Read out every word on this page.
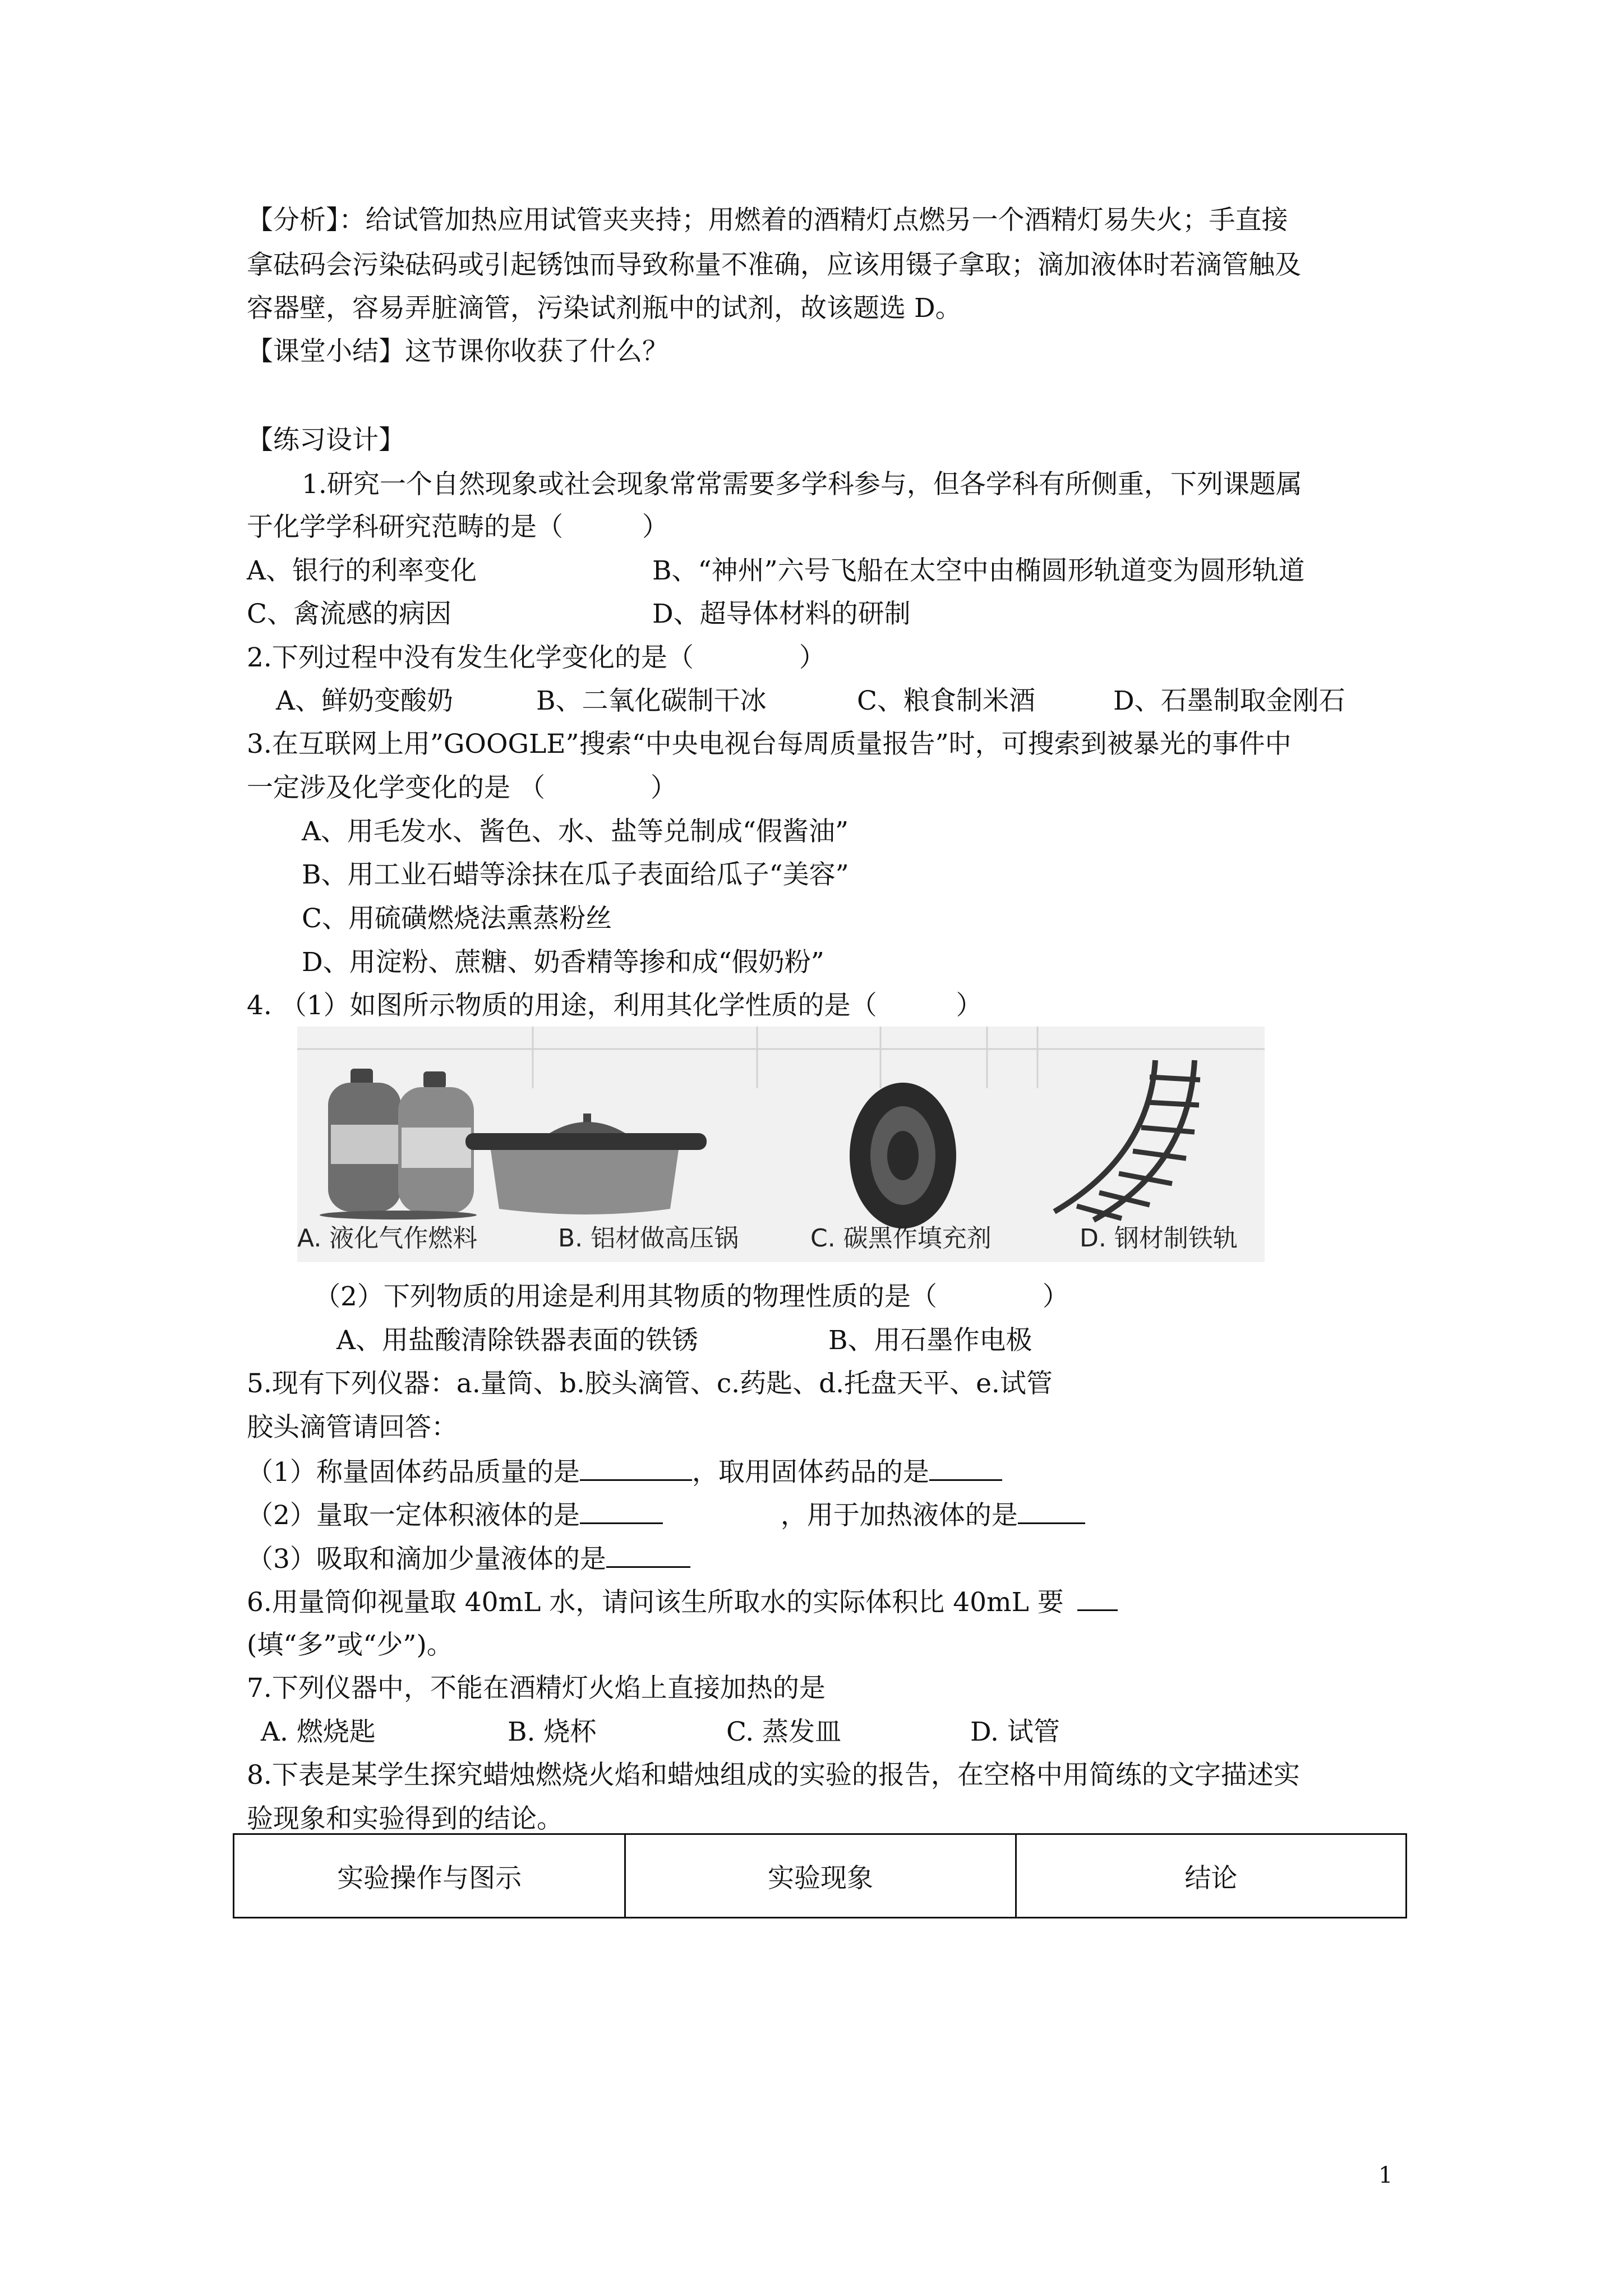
【分析】：给试管加热应用试管夹夹持；用燃着的酒精灯点燃另一个酒精灯易失火；手直接
拿砝码会污染砝码或引起锈蚀而导致称量不准确，应该用镊子拿取；滴加液体时若滴管触及
容器壁，容易弄脏滴管，污染试剂瓶中的试剂，故该题选 D。
【课堂小结】这节课你收获了什么？
【练习设计】
1.研究一个自然现象或社会现象常常需要多学科参与，但各学科有所侧重，下列课题属
于化学学科研究范畴的是（　　　）
A、银行的利率变化	B、“神州”六号飞船在太空中由椭圆形轨道变为圆形轨道
C、禽流感的病因	D、超导体材料的研制
2.下列过程中没有发生化学变化的是（　　　　）
A、鲜奶变酸奶	B、二氧化碳制干冰	C、粮食制米酒	D、石墨制取金刚石
3.在互联网上用”GOOGLE”搜索“中央电视台每周质量报告”时，可搜索到被暴光的事件中
一定涉及化学变化的是 （　　　　）
A、用毛发水、酱色、水、盐等兑制成“假酱油”
B、用工业石蜡等涂抹在瓜子表面给瓜子“美容”
C、用硫磺燃烧法熏蒸粉丝
D、用淀粉、蔗糖、奶香精等掺和成“假奶粉”
4. （1）如图所示物质的用途，利用其化学性质的是（　　　）
A. 液化气作燃料	B. 铝材做高压锅	C. 碳黑作填充剂	D. 钢材制铁轨
（2）下列物质的用途是利用其物质的物理性质的是（　　　　）
A、用盐酸清除铁器表面的铁锈	B、用石墨作电极
5.现有下列仪器：a.量筒、b.胶头滴管、c.药匙、d.托盘天平、e.试管
胶头滴管请回答：
（1）称量固体药品质量的是	，取用固体药品的是
（2）量取一定体积液体的是	，用于加热液体的是
（3）吸取和滴加少量液体的是
6.用量筒仰视量取 40mL 水，请问该生所取水的实际体积比 40mL 要
(填“多”或“少”)。
7.下列仪器中，不能在酒精灯火焰上直接加热的是
A. 燃烧匙	B. 烧杯	C. 蒸发皿	D. 试管
8.下表是某学生探究蜡烛燃烧火焰和蜡烛组成的实验的报告，在空格中用简练的文字描述实
验现象和实验得到的结论。
实验操作与图示	实验现象	结论
1
